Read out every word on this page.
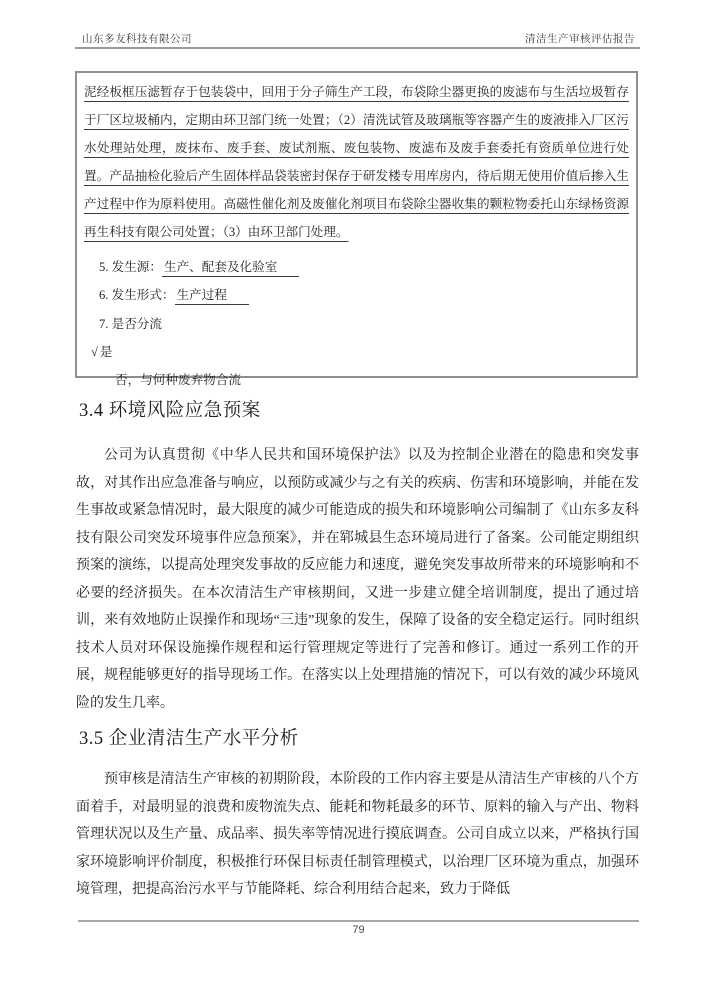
山东多友科技有限公司	清洁生产审核评估报告
泥经板框压滤暂存于包装袋中，回用于分子筛生产工段，布袋除尘器更换的废滤布与生活垃圾暂存于厂区垃圾桶内，定期由环卫部门统一处置；（2）清洗试管及玻璃瓶等容器产生的废液排入厂区污水处理站处理，废抹布、废手套、废试剂瓶、废包装物、废滤布及废手套委托有资质单位进行处置。产品抽检化验后产生固体样品袋装密封保存于研发楼专用库房内，待后期无使用价值后掺入生产过程中作为原料使用。高磁性催化剂及废催化剂项目布袋除尘器收集的颗粒物委托山东绿杨资源再生科技有限公司处置；（3）由环卫部门处理。
5. 发生源： 生产、配套及化验室
6. 发生形式： 生产过程
7. 是否分流
√ 是
否，与何种废弃物合流
3.4 环境风险应急预案

公司为认真贯彻《中华人民共和国环境保护法》以及为控制企业潜在的隐患和突发事故，对其作出应急准备与响应，以预防或减少与之有关的疾病、伤害和环境影响，并能在发生事故或紧急情况时，最大限度的减少可能造成的损失和环境影响公司编制了《山东多友科技有限公司突发环境事件应急预案》，并在郓城县生态环境局进行了备案。公司能定期组织预案的演练，以提高处理突发事故的反应能力和速度，避免突发事故所带来的环境影响和不必要的经济损失。在本次清洁生产审核期间，又进一步建立健全培训制度，提出了通过培训，来有效地防止误操作和现场“三违”现象的发生，保障了设备的安全稳定运行。同时组织技术人员对环保设施操作规程和运行管理规定等进行了完善和修订。通过一系列工作的开展，规程能够更好的指导现场工作。在落实以上处理措施的情况下，可以有效的减少环境风险的发生几率。

3.5 企业清洁生产水平分析

预审核是清洁生产审核的初期阶段，本阶段的工作内容主要是从清洁生产审核的八个方面着手，对最明显的浪费和废物流失点、能耗和物耗最多的环节、原料的输入与产出、物料管理状况以及生产量、成品率、损失率等情况进行摸底调查。公司自成立以来，严格执行国家环境影响评价制度，积极推行环保目标责任制管理模式，以治理厂区环境为重点，加强环境管理，把提高治污水平与节能降耗、综合利用结合起来，致力于降低

79
